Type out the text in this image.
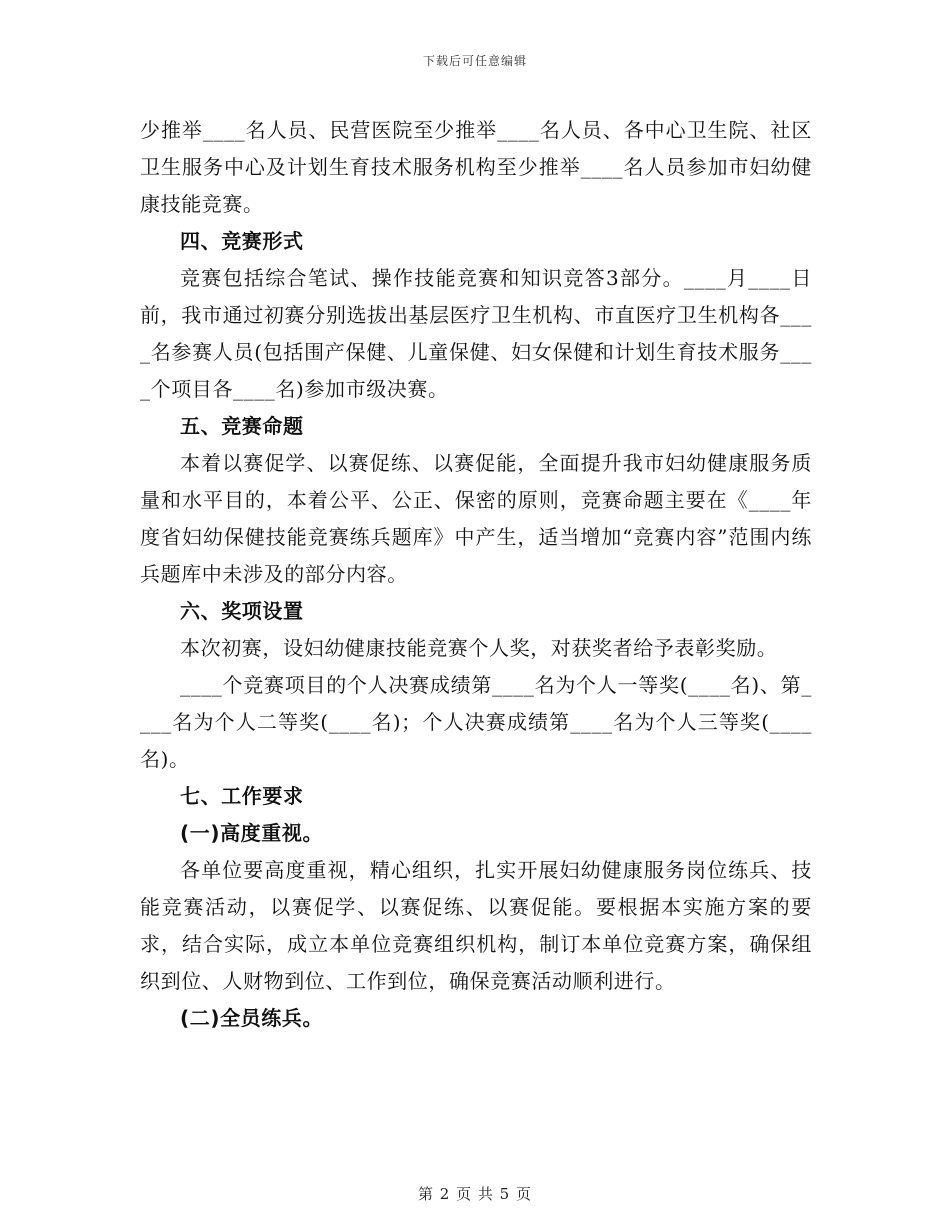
下载后可任意编辑

少推举____名人员、民营医院至少推举____名人员、各中心卫生院、社区卫生服务中心及计划生育技术服务机构至少推举____名人员参加市妇幼健康技能竞赛。

四、竞赛形式

竞赛包括综合笔试、操作技能竞赛和知识竞答3部分。____月____日前，我市通过初赛分别选拔出基层医疗卫生机构、市直医疗卫生机构各____名参赛人员(包括围产保健、儿童保健、妇女保健和计划生育技术服务____个项目各____名)参加市级决赛。

五、竞赛命题

本着以赛促学、以赛促练、以赛促能，全面提升我市妇幼健康服务质量和水平目的，本着公平、公正、保密的原则，竞赛命题主要在《____年度省妇幼保健技能竞赛练兵题库》中产生，适当增加“竞赛内容”范围内练兵题库中未涉及的部分内容。

六、奖项设置

本次初赛，设妇幼健康技能竞赛个人奖，对获奖者给予表彰奖励。

____个竞赛项目的个人决赛成绩第____名为个人一等奖(____名)、第____名为个人二等奖(____名)；个人决赛成绩第____名为个人三等奖(____名)。

七、工作要求

(一)高度重视。

各单位要高度重视，精心组织，扎实开展妇幼健康服务岗位练兵、技能竞赛活动，以赛促学、以赛促练、以赛促能。要根据本实施方案的要求，结合实际，成立本单位竞赛组织机构，制订本单位竞赛方案，确保组织到位、人财物到位、工作到位，确保竞赛活动顺利进行。

(二)全员练兵。

第 2 页 共 5 页
